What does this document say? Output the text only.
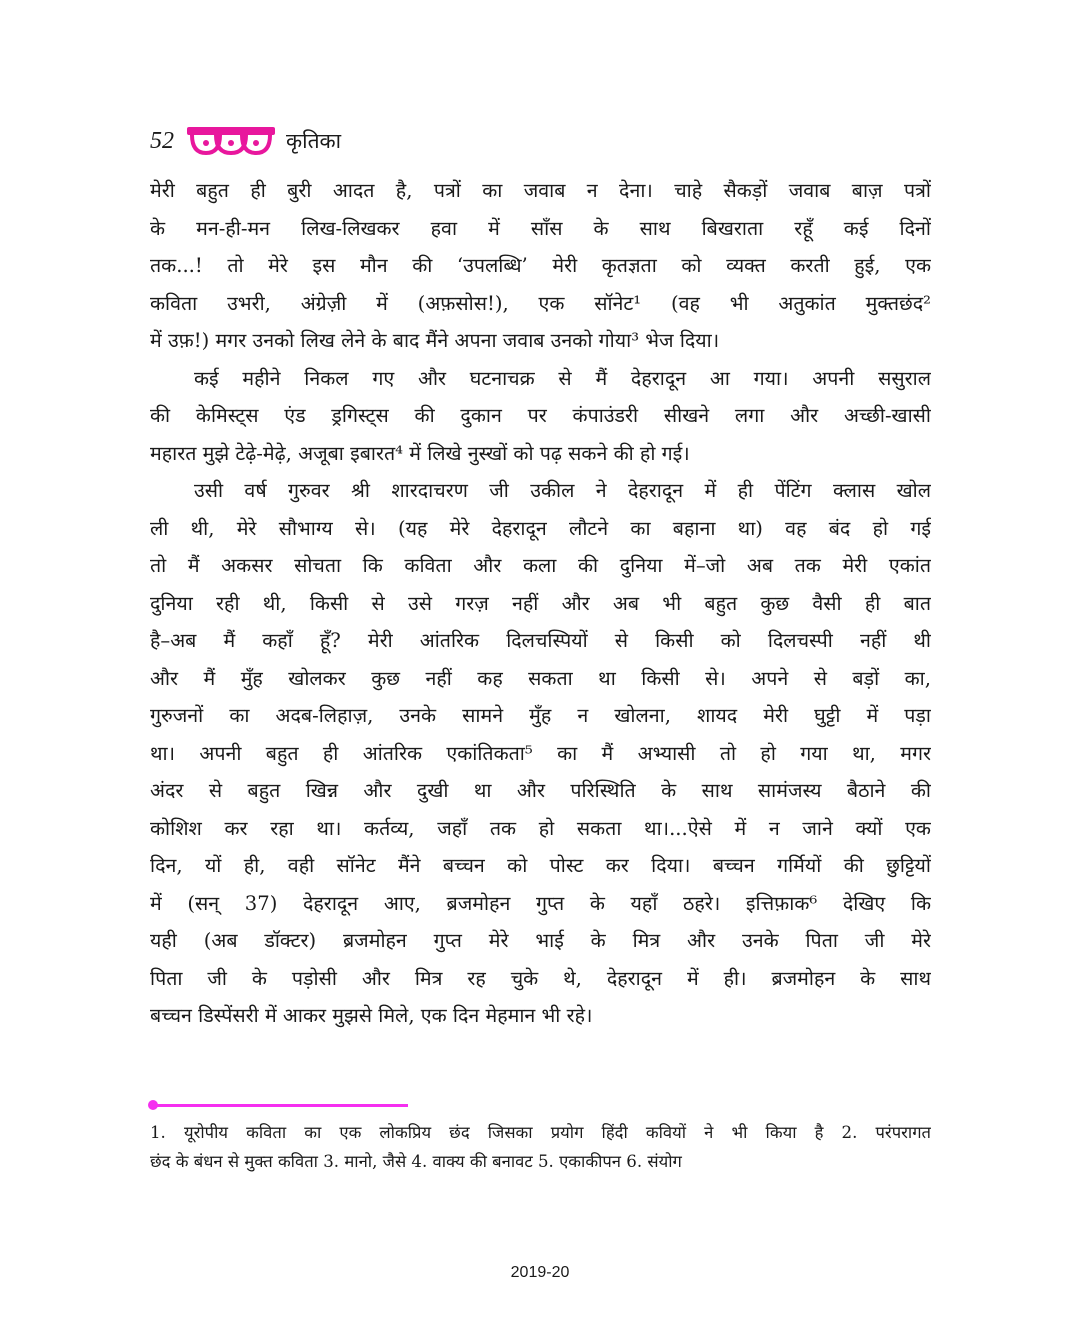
52	कृतिका
मेरी बहुत ही बुरी आदत है, पत्रों का जवाब न देना। चाहे सैकड़ों जवाब बाज़ पत्रों
के मन-ही-मन लिख-लिखकर हवा में साँस के साथ बिखराता रहूँ कई दिनों
तक...! तो मेरे इस मौन की ‘उपलब्धि’ मेरी कृतज्ञता को व्यक्त करती हुई, एक
कविता उभरी, अंग्रेज़ी में (अफ़सोस!), एक सॉनेट¹ (वह भी अतुकांत मुक्तछंद²
में उफ़!) मगर उनको लिख लेने के बाद मैंने अपना जवाब उनको गोया³ भेज दिया।
कई महीने निकल गए और घटनाचक्र से मैं देहरादून आ गया। अपनी ससुराल
की केमिस्ट्स एंड ड्रगिस्ट्स की दुकान पर कंपाउंडरी सीखने लगा और अच्छी-खासी
महारत मुझे टेढ़े-मेढ़े, अजूबा इबारत⁴ में लिखे नुस्खों को पढ़ सकने की हो गई।
उसी वर्ष गुरुवर श्री शारदाचरण जी उकील ने देहरादून में ही पेंटिंग क्लास खोल
ली थी, मेरे सौभाग्य से। (यह मेरे देहरादून लौटने का बहाना था) वह बंद हो गई
तो मैं अकसर सोचता कि कविता और कला की दुनिया में–जो अब तक मेरी एकांत
दुनिया रही थी, किसी से उसे गरज़ नहीं और अब भी बहुत कुछ वैसी ही बात
है–अब मैं कहाँ हूँ? मेरी आंतरिक दिलचस्पियों से किसी को दिलचस्पी नहीं थी
और मैं मुँह खोलकर कुछ नहीं कह सकता था किसी से। अपने से बड़ों का,
गुरुजनों का अदब-लिहाज़, उनके सामने मुँह न खोलना, शायद मेरी घुट्टी में पड़ा
था। अपनी बहुत ही आंतरिक एकांतिकता⁵ का मैं अभ्यासी तो हो गया था, मगर
अंदर से बहुत खिन्न और दुखी था और परिस्थिति के साथ सामंजस्य बैठाने की
कोशिश कर रहा था। कर्तव्य, जहाँ तक हो सकता था।...ऐसे में न जाने क्यों एक
दिन, यों ही, वही सॉनेट मैंने बच्चन को पोस्ट कर दिया। बच्चन गर्मियों की छुट्टियों
में (सन् 37) देहरादून आए, ब्रजमोहन गुप्त के यहाँ ठहरे। इत्तिफ़ाक⁶ देखिए कि
यही (अब डॉक्टर) ब्रजमोहन गुप्त मेरे भाई के मित्र और उनके पिता जी मेरे
पिता जी के पड़ोसी और मित्र रह चुके थे, देहरादून में ही। ब्रजमोहन के साथ
बच्चन डिस्पेंसरी में आकर मुझसे मिले, एक दिन मेहमान भी रहे।
1. यूरोपीय कविता का एक लोकप्रिय छंद जिसका प्रयोग हिंदी कवियों ने भी किया है 2. परंपरागत
छंद के बंधन से मुक्त कविता 3. मानो, जैसे 4. वाक्य की बनावट 5. एकाकीपन 6. संयोग
2019-20
